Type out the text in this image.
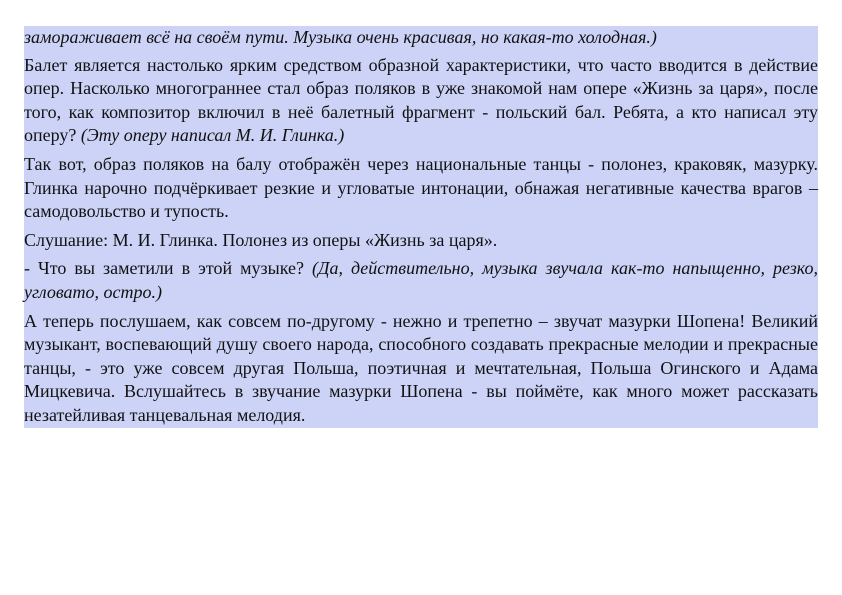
замораживает всё на своём пути. Музыка очень красивая, но какая-то холодная.)

Балет является настолько ярким средством образной характеристики, что часто вводится в действие опер. Насколько многограннее стал образ поляков в уже знакомой нам опере «Жизнь за царя», после того, как композитор включил в неё балетный фрагмент - польский бал. Ребята, а кто написал эту оперу? (Эту оперу написал М. И. Глинка.)

Так вот, образ поляков на балу отображён через национальные танцы - полонез, краковяк, мазурку. Глинка нарочно подчёркивает резкие и угловатые интонации, обнажая негативные качества врагов – самодовольство и тупость.

Слушание: М. И. Глинка. Полонез из оперы «Жизнь за царя».

- Что вы заметили в этой музыке? (Да, действительно, музыка звучала как-то напыщенно, резко, угловато, остро.)

А теперь послушаем, как совсем по-другому - нежно и трепетно – звучат мазурки Шопена! Великий музыкант, воспевающий душу своего народа, способного создавать прекрасные мелодии и прекрасные танцы, - это уже совсем другая Польша, поэтичная и мечтательная, Польша Огинского и Адама Мицкевича. Вслушайтесь в звучание мазурки Шопена - вы поймёте, как много может рассказать незатейливая танцевальная мелодия.
